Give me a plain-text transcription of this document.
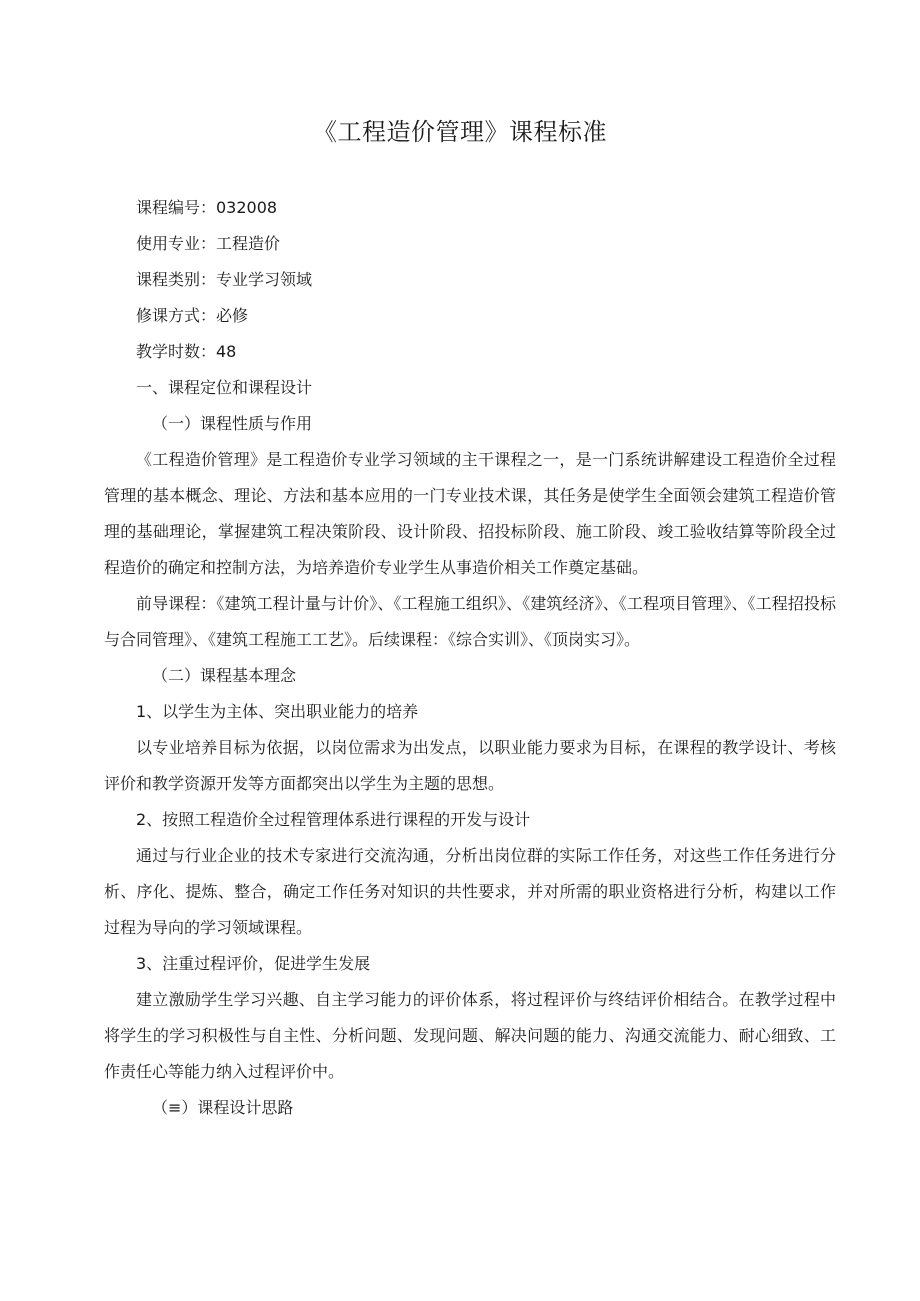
《工程造价管理》课程标准

课程编号：032008

使用专业：工程造价

课程类别：专业学习领域

修课方式：必修

教学时数：48

一、课程定位和课程设计

（一）课程性质与作用

《工程造价管理》是工程造价专业学习领域的主干课程之一，是一门系统讲解建设工程造价全过程管理的基本概念、理论、方法和基本应用的一门专业技术课，其任务是使学生全面领会建筑工程造价管理的基础理论，掌握建筑工程决策阶段、设计阶段、招投标阶段、施工阶段、竣工验收结算等阶段全过程造价的确定和控制方法，为培养造价专业学生从事造价相关工作奠定基础。

前导课程：《建筑工程计量与计价》、《工程施工组织》、《建筑经济》、《工程项目管理》、《工程招投标与合同管理》、《建筑工程施工工艺》。后续课程：《综合实训》、《顶岗实习》。

（二）课程基本理念

1、以学生为主体、突出职业能力的培养

以专业培养目标为依据，以岗位需求为出发点，以职业能力要求为目标，在课程的教学设计、考核评价和教学资源开发等方面都突出以学生为主题的思想。

2、按照工程造价全过程管理体系进行课程的开发与设计

通过与行业企业的技术专家进行交流沟通，分析出岗位群的实际工作任务，对这些工作任务进行分析、序化、提炼、整合，确定工作任务对知识的共性要求，并对所需的职业资格进行分析，构建以工作过程为导向的学习领域课程。

3、注重过程评价，促进学生发展

建立激励学生学习兴趣、自主学习能力的评价体系，将过程评价与终结评价相结合。在教学过程中将学生的学习积极性与自主性、分析问题、发现问题、解决问题的能力、沟通交流能力、耐心细致、工作责任心等能力纳入过程评价中。

（≡）课程设计思路
